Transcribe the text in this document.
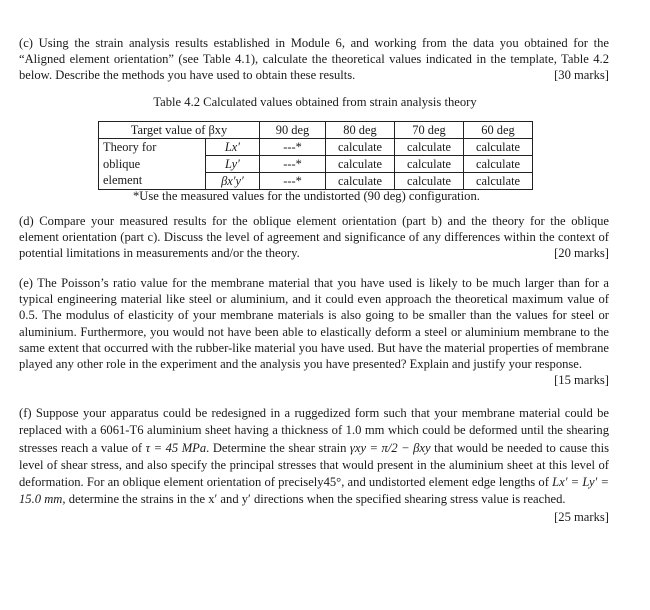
(c) Using the strain analysis results established in Module 6, and working from the data you obtained for the “Aligned element orientation” (see Table 4.1), calculate the theoretical values indicated in the template, Table 4.2 below. Describe the methods you have used to obtain these results.	[30 marks]

Table 4.2 Calculated values obtained from strain analysis theory
Target value of βxy		90 deg	80 deg	70 deg	60 deg
Theory for	Lx′	---*	calculate	calculate	calculate
oblique	Ly′	---*	calculate	calculate	calculate
element	βx′y′	---*	calculate	calculate	calculate
*Use the measured values for the undistorted (90 deg) configuration.

(d) Compare your measured results for the oblique element orientation (part b) and the theory for the oblique element orientation (part c). Discuss the level of agreement and significance of any differences within the context of potential limitations in measurements and/or the theory.	[20 marks]

(e) The Poisson’s ratio value for the membrane material that you have used is likely to be much larger than for a typical engineering material like steel or aluminium, and it could even approach the theoretical maximum value of 0.5. The modulus of elasticity of your membrane materials is also going to be smaller than the values for steel or aluminium. Furthermore, you would not have been able to elastically deform a steel or aluminium membrane to the same extent that occurred with the rubber-like material you have used. But have the material properties of membrane played any other role in the experiment and the analysis you have presented? Explain and justify your response.
[15 marks]

(f) Suppose your apparatus could be redesigned in a ruggedized form such that your membrane material could be replaced with a 6061-T6 aluminium sheet having a thickness of 1.0 mm which could be deformed until the shearing stresses reach a value of τ = 45 MPa. Determine the shear strain γxy = π/2 − βxy that would be needed to cause this level of shear stress, and also specify the principal stresses that would present in the aluminium sheet at this level of deformation. For an oblique element orientation of precisely45°, and undistorted element edge lengths of Lx′ = Ly′ = 15.0 mm, determine the strains in the x′ and y′ directions when the specified shearing stress value is reached.
[25 marks]
